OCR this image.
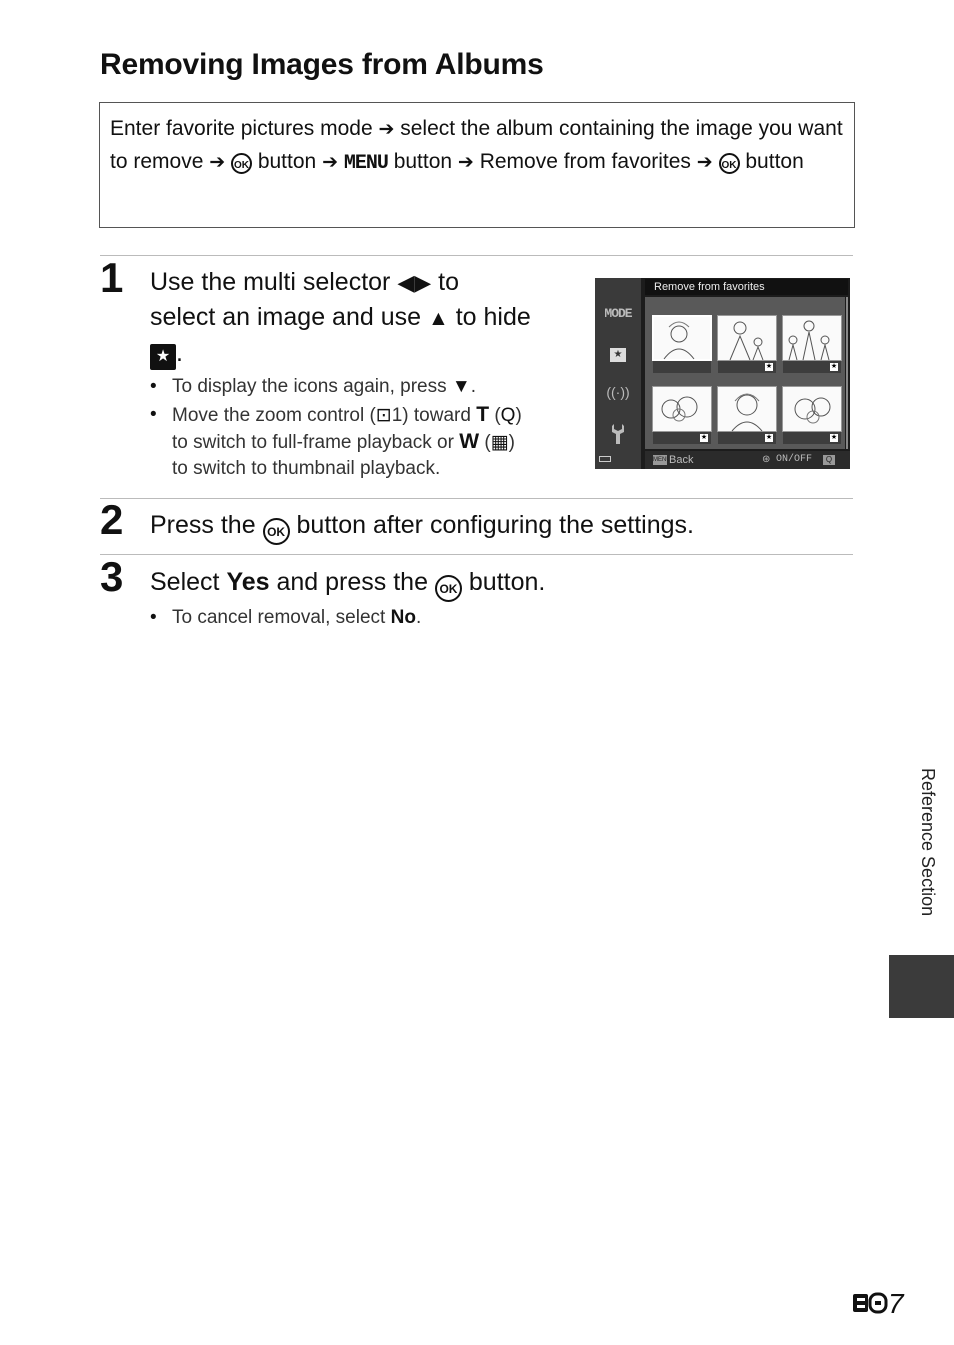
Removing Images from Albums
Enter favorite pictures mode ➔ select the album containing the image you want to remove ➔ OK button ➔ MENU button ➔ Remove from favorites ➔ OK button
1 Use the multi selector ◀▶ to
select an image and use ▲ to hide
★ .
• To display the icons again, press ▼.
• Move the zoom control (⊡1) toward T (Q)
to switch to full-frame playback or W (▦)
to switch to thumbnail playback.
MODE
★
((·))
Remove from favorites
★	★
★	★	★
MENU
Back	⊛ ON/OFF	Q
2 Press the OK button after configuring the settings.
3 Select Yes and press the OK button.
• To cancel removal, select No.
Reference Section
7
